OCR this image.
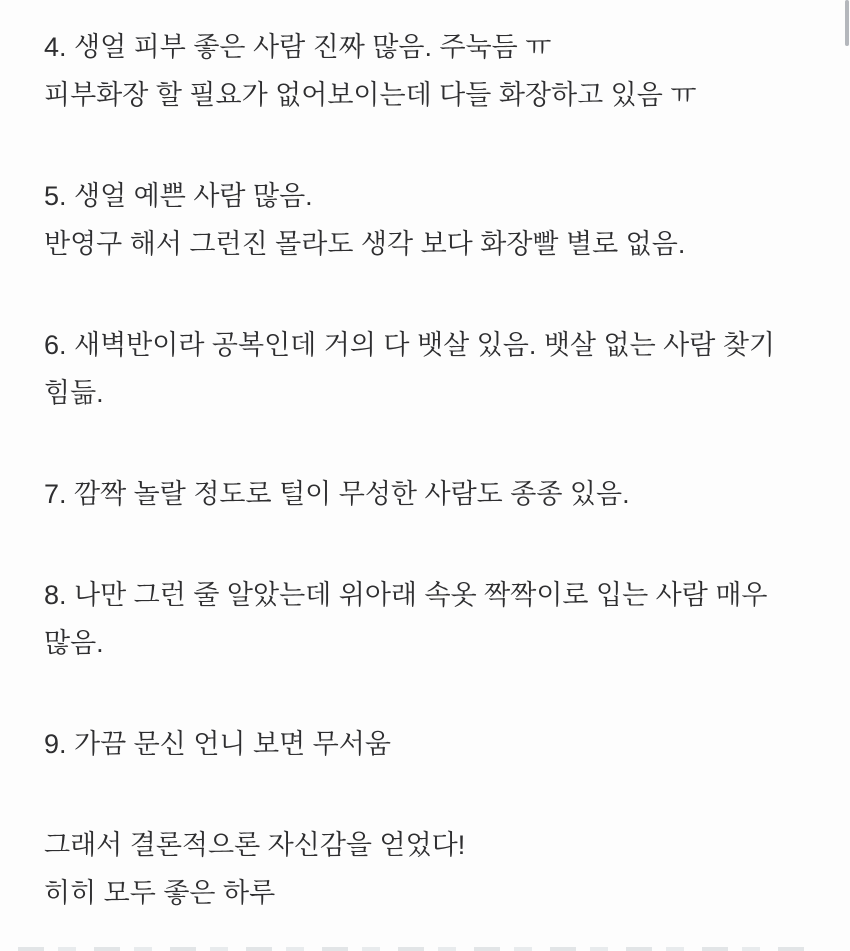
4. 생얼 피부 좋은 사람 진짜 많음. 주눅듬 ㅠ
피부화장 할 필요가 없어보이는데 다들 화장하고 있음 ㅠ
5. 생얼 예쁜 사람 많음.
반영구 해서 그런진 몰라도 생각 보다 화장빨 별로 없음.
6. 새벽반이라 공복인데 거의 다 뱃살 있음. 뱃살 없는 사람 찾기
힘듦.
7. 깜짝 놀랄 정도로 털이 무성한 사람도 종종 있음.
8. 나만 그런 줄 알았는데 위아래 속옷 짝짝이로 입는 사람 매우
많음.
9. 가끔 문신 언니 보면 무서움
그래서 결론적으론 자신감을 얻었다!
히히 모두 좋은 하루
